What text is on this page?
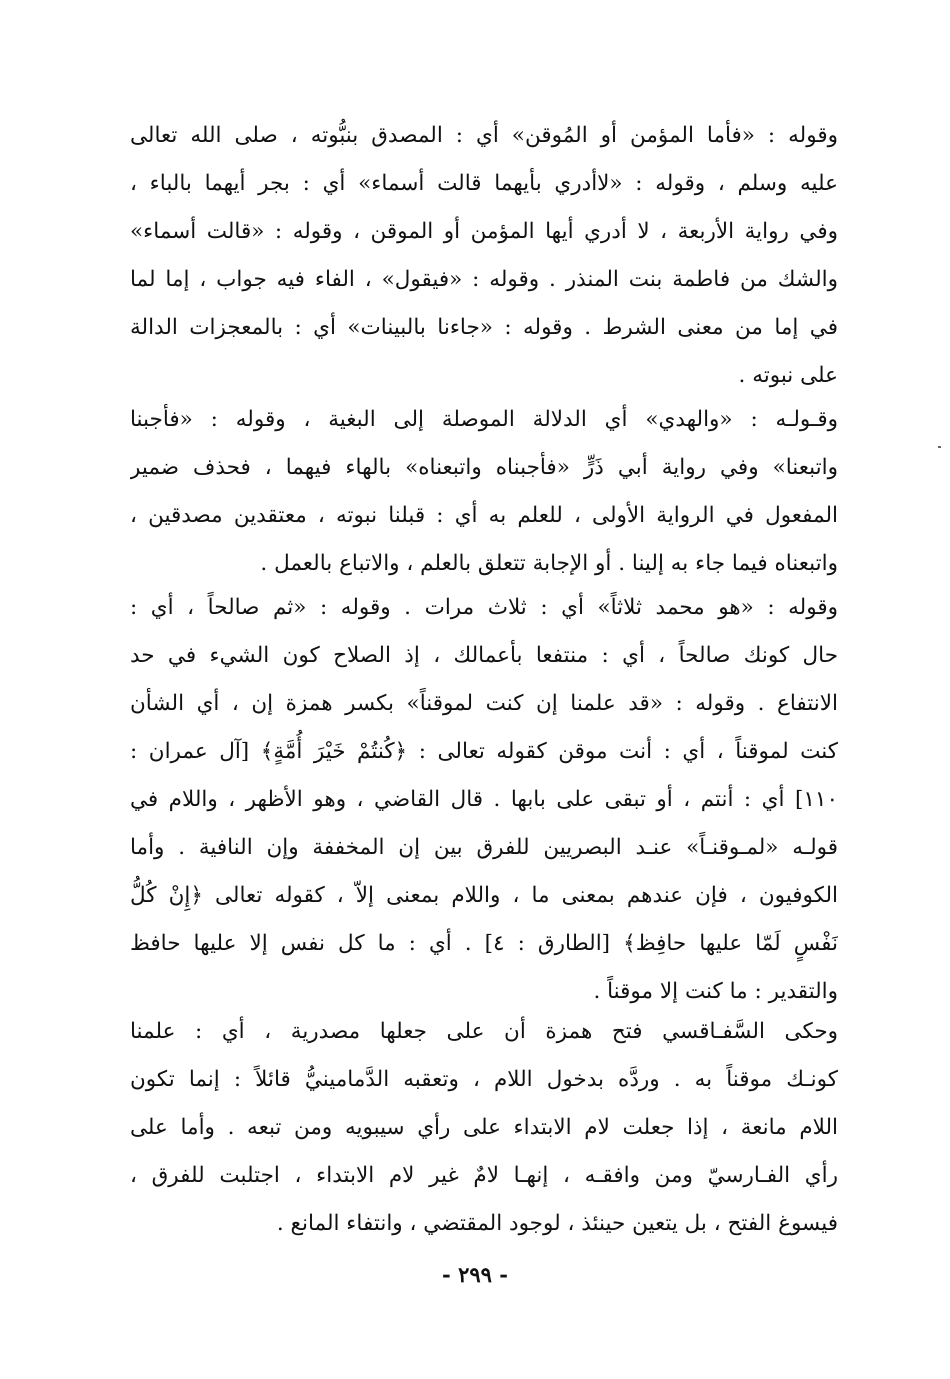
وقوله : «فأما المؤمن أو المُوقن» أي : المصدق بنبُّوته ، صلى الله تعالى
عليه وسلم ، وقوله : «لاأدري بأيهما قالت أسماء» أي : بجر أيهما بالباء ،
وفي رواية الأربعة ، لا أدري أيها المؤمن أو الموقن ، وقوله : «قالت أسماء»
والشك من فاطمة بنت المنذر . وقوله : «فيقول» ، الفاء فيه جواب ، إما لما
في إما من معنى الشرط . وقوله : «جاءنا بالبينات» أي : بالمعجزات الدالة
على نبوته .
وقـولـه : «والهدي» أي الدلالة الموصلة إلى البغية ، وقوله : «فأجبنا
واتبعنا» وفي رواية أبي ذَرٍّ «فأجبناه واتبعناه» بالهاء فيهما ، فحذف ضمير
المفعول في الرواية الأولى ، للعلم به أي : قبلنا نبوته ، معتقدين مصدقين ،
واتبعناه فيما جاء به إلينا . أو الإجابة تتعلق بالعلم ، والاتباع بالعمل .
وقوله : «هو محمد ثلاثاً» أي : ثلاث مرات . وقوله : «ثم صالحاً ، أي :
حال كونك صالحاً ، أي : منتفعا بأعمالك ، إذ الصلاح كون الشيء في حد
الانتفاع . وقوله : «قد علمنا إن كنت لموقناً» بكسر همزة إن ، أي الشأن
كنت لموقناً ، أي : أنت موقن كقوله تعالى : ﴿كُنتُمْ خَيْرَ أُمَّةٍ﴾ [آل عمران :
١١٠] أي : أنتم ، أو تبقى على بابها . قال القاضي ، وهو الأظهر ، واللام في
قولـه «لمـوقنـاً» عنـد البصريين للفرق بين إن المخففة وإن النافية . وأما
الكوفيون ، فإن عندهم بمعنى ما ، واللام بمعنى إلاّ ، كقوله تعالى ﴿إِنْ كُلُّ
نَفْسٍ لَمّا عليها حافِظ﴾ [الطارق : ٤] . أي : ما كل نفس إلا عليها حافظ
والتقدير : ما كنت إلا موقناً .
وحكى السَّفـاقسي فتح همزة أن على جعلها مصدرية ، أي : علمنا
كونـك موقناً به . وردَّه بدخول اللام ، وتعقبه الدَّمامينيُّ قائلاً : إنما تكون
اللام مانعة ، إذا جعلت لام الابتداء على رأي سيبويه ومن تبعه . وأما على
رأي الفـارسيّ ومن وافقـه ، إنهـا لامٌ غير لام الابتداء ، اجتلبت للفرق ،
فيسوغ الفتح ، بل يتعين حينئذ ، لوجود المقتضي ، وانتفاء المانع .
- ٢٩٩ -
